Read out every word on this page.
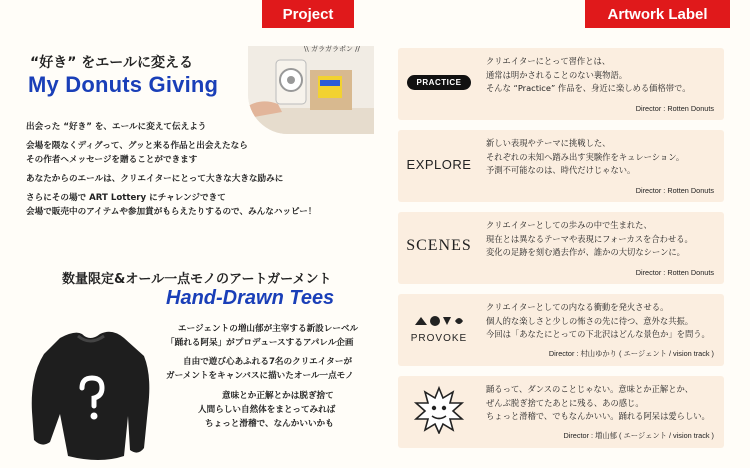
Project	Artwork Label
“好き” をエールに変える
My Donuts Giving
\\ ガラガラポン //
出会った “好き” を、エールに変えて伝えよう
会場を隈なくディグって、グッと来る作品と出会えたなら
その作者へメッセージを贈ることができます
あなたからのエールは、クリエイターにとって大きな大きな励みに
さらにその場で ART Lottery にチャレンジできて
会場で販売中のアイテムや参加賞がもらえたりするので、みんなハッピー！
数量限定&オール一点モノのアートガーメント
Hand-Drawn Tees
エージェントの増山郁が主宰する新設レーベル
「踊れる阿呆」がプロデュースするアパレル企画
自由で遊び心あふれる7名のクリエイターが
ガーメントをキャンバスに描いたオール一点モノ
意味とか正解とかは脱ぎ捨て
人間らしい自然体をまとってみれば
ちょっと滑稽で、なんかいいかも
PRACTICE
クリエイターにとって習作とは、
通常は明かされることのない裏物語。
そんな “Practice” 作品を、身近に楽しめる価格帯で。
Director : Rotten Donuts
EXPLORE
新しい表現やテーマに挑戦した、
それぞれの未知へ踏み出す実験作をキュレーション。
予測不可能なのは、時代だけじゃない。
Director : Rotten Donuts
SCENES
クリエイターとしての歩みの中で生まれた、
現在とは異なるテーマや表現にフォーカスを合わせる。
変化の足跡を刻む過去作が、誰かの大切なシーンに。
Director : Rotten Donuts
PROVOKE
クリエイターとしての内なる衝動を発火させる。
個人的な楽しさと少しの怖さの先に待つ、意外な共振。
今回は「あなたにとっての下北沢はどんな景色か」を問う。
Director : 村山ゆかり ( エージェント / vision track )
踊るって、ダンスのことじゃない。意味とか正解とか、
ぜんぶ脱ぎ捨てたあとに残る、あの感じ。
ちょっと滑稽で、でもなんかいい。踊れる阿呆は愛らしい。
Director : 増山郁 ( エージェント / vision track )
